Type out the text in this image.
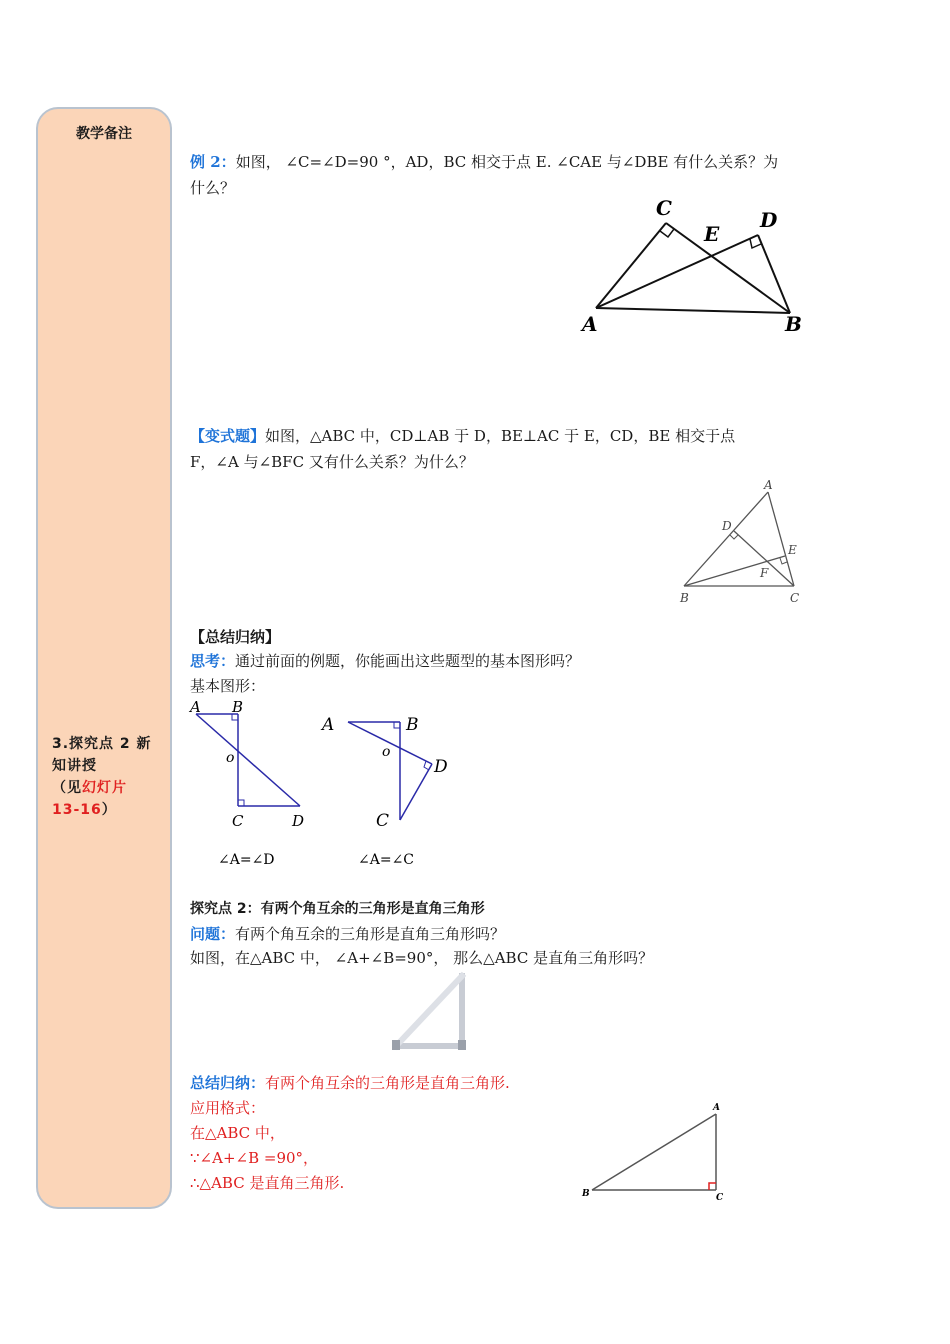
教学备注
3.探究点 2 新知讲授
（见幻灯片 13-16）
例 2：如图， ∠C=∠D=90 °，AD，BC 相交于点 E. ∠CAE 与∠DBE 有什么关系？为
什么？
C	D
E
A	B
【变式题】如图，△ABC 中，CD⊥AB 于 D，BE⊥AC 于 E，CD，BE 相交于点
F，∠A 与∠BFC 又有什么关系？为什么？
A
D
E
F
B	C
【总结归纳】
思考：通过前面的例题，你能画出这些题型的基本图形吗？
基本图形：
A B
o
C	D
∠A=∠D
A	B
o
D
C
∠A=∠C
探究点 2：有两个角互余的三角形是直角三角形
问题：有两个角互余的三角形是直角三角形吗？
如图，在△ABC 中， ∠A+∠B=90°， 那么△ABC 是直角三角形吗？
总结归纳：有两个角互余的三角形是直角三角形.
应用格式：
在△ABC 中，
∵∠A+∠B =90°，
∴△ABC 是直角三角形.
A
B	C
